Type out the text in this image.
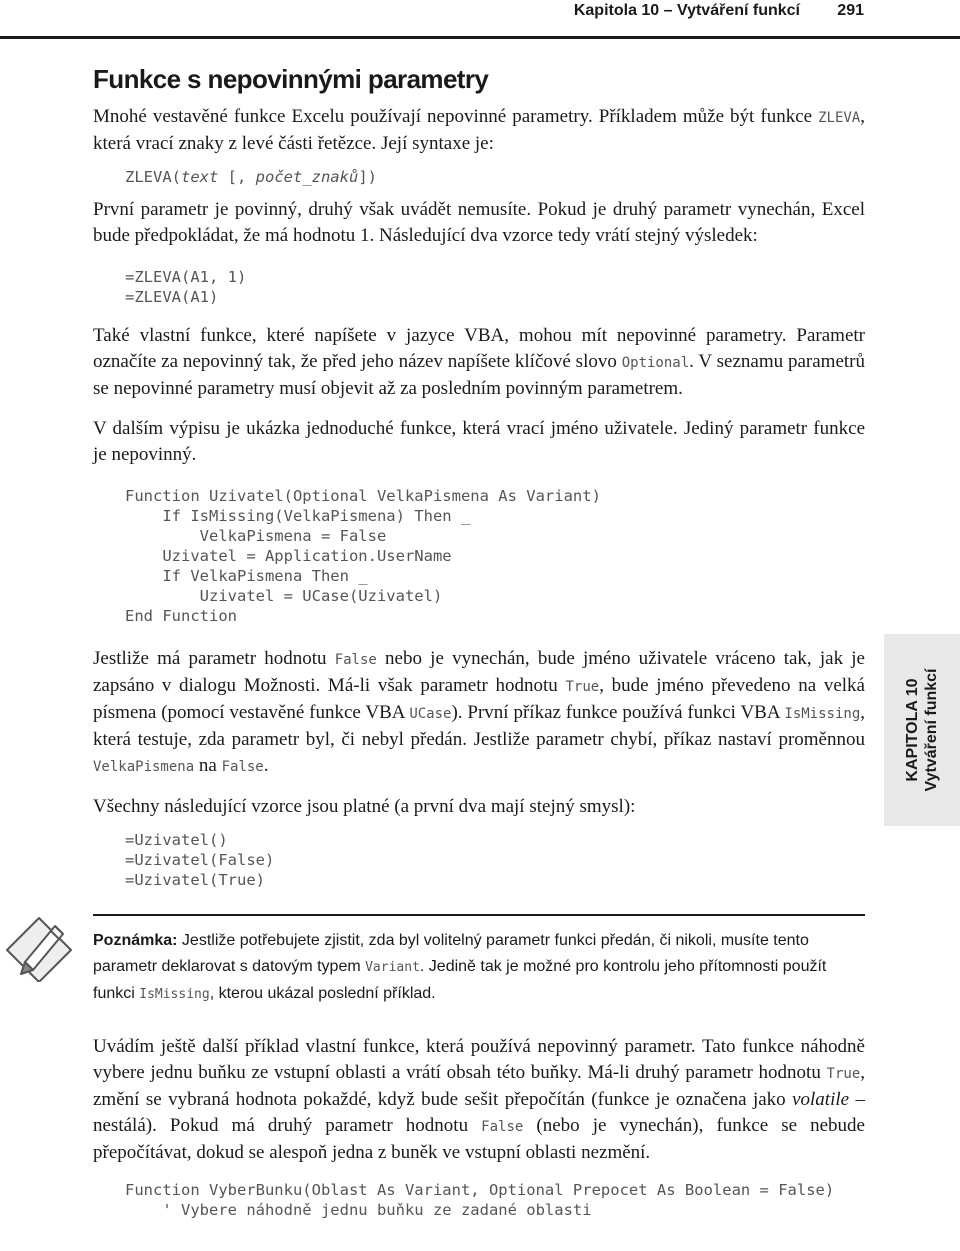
Kapitola 10 – Vytváření funkcí 291
KAPITOLA 10 Vytváření funkcí
Funkce s nepovinnými parametry

Mnohé vestavěné funkce Excelu používají nepovinné parametry. Příkladem může být funkce ZLEVA, která vrací znaky z levé části řetězce. Její syntaxe je:

ZLEVA(text [, počet_znaků])

První parametr je povinný, druhý však uvádět nemusíte. Pokud je druhý parametr vynechán, Excel bude předpokládat, že má hodnotu 1. Následující dva vzorce tedy vrátí stejný výsledek:

=ZLEVA(A1, 1)
=ZLEVA(A1)

Také vlastní funkce, které napíšete v jazyce VBA, mohou mít nepovinné parametry. Parametr označíte za nepovinný tak, že před jeho název napíšete klíčové slovo Optional. V seznamu parametrů se nepovinné parametry musí objevit až za posledním povinným parametrem.

V dalším výpisu je ukázka jednoduché funkce, která vrací jméno uživatele. Jediný parametr funkce je nepovinný.

Function Uzivatel(Optional VelkaPismena As Variant)
If IsMissing(VelkaPismena) Then _
VelkaPismena = False
Uzivatel = Application.UserName
If VelkaPismena Then _
Uzivatel = UCase(Uzivatel)
End Function

Jestliže má parametr hodnotu False nebo je vynechán, bude jméno uživatele vráceno tak, jak je zapsáno v dialogu Možnosti. Má-li však parametr hodnotu True, bude jméno převedeno na velká písmena (pomocí vestavěné funkce VBA UCase). První příkaz funkce používá funkci VBA IsMissing, která testuje, zda parametr byl, či nebyl předán. Jestliže parametr chybí, příkaz nastaví proměnnou VelkaPismena na False.

Všechny následující vzorce jsou platné (a první dva mají stejný smysl):

=Uzivatel()
=Uzivatel(False)
=Uzivatel(True)
Poznámka: Jestliže potřebujete zjistit, zda byl volitelný parametr funkci předán, či nikoli, musíte tento parametr deklarovat s datovým typem Variant. Jedině tak je možné pro kontrolu jeho přítomnosti použít funkci IsMissing, kterou ukázal poslední příklad.

Uvádím ještě další příklad vlastní funkce, která používá nepovinný parametr. Tato funkce náhodně vybere jednu buňku ze vstupní oblasti a vrátí obsah této buňky. Má-li druhý parametr hodnotu True, změní se vybraná hodnota pokaždé, když bude sešit přepočítán (funkce je označena jako volatile – nestálá). Pokud má druhý parametr hodnotu False (nebo je vynechán), funkce se nebude přepočítávat, dokud se alespoň jedna z buněk ve vstupní oblasti nezmění.

Function VyberBunku(Oblast As Variant, Optional Prepocet As Boolean = False)
' Vybere náhodně jednu buňku ze zadané oblasti
